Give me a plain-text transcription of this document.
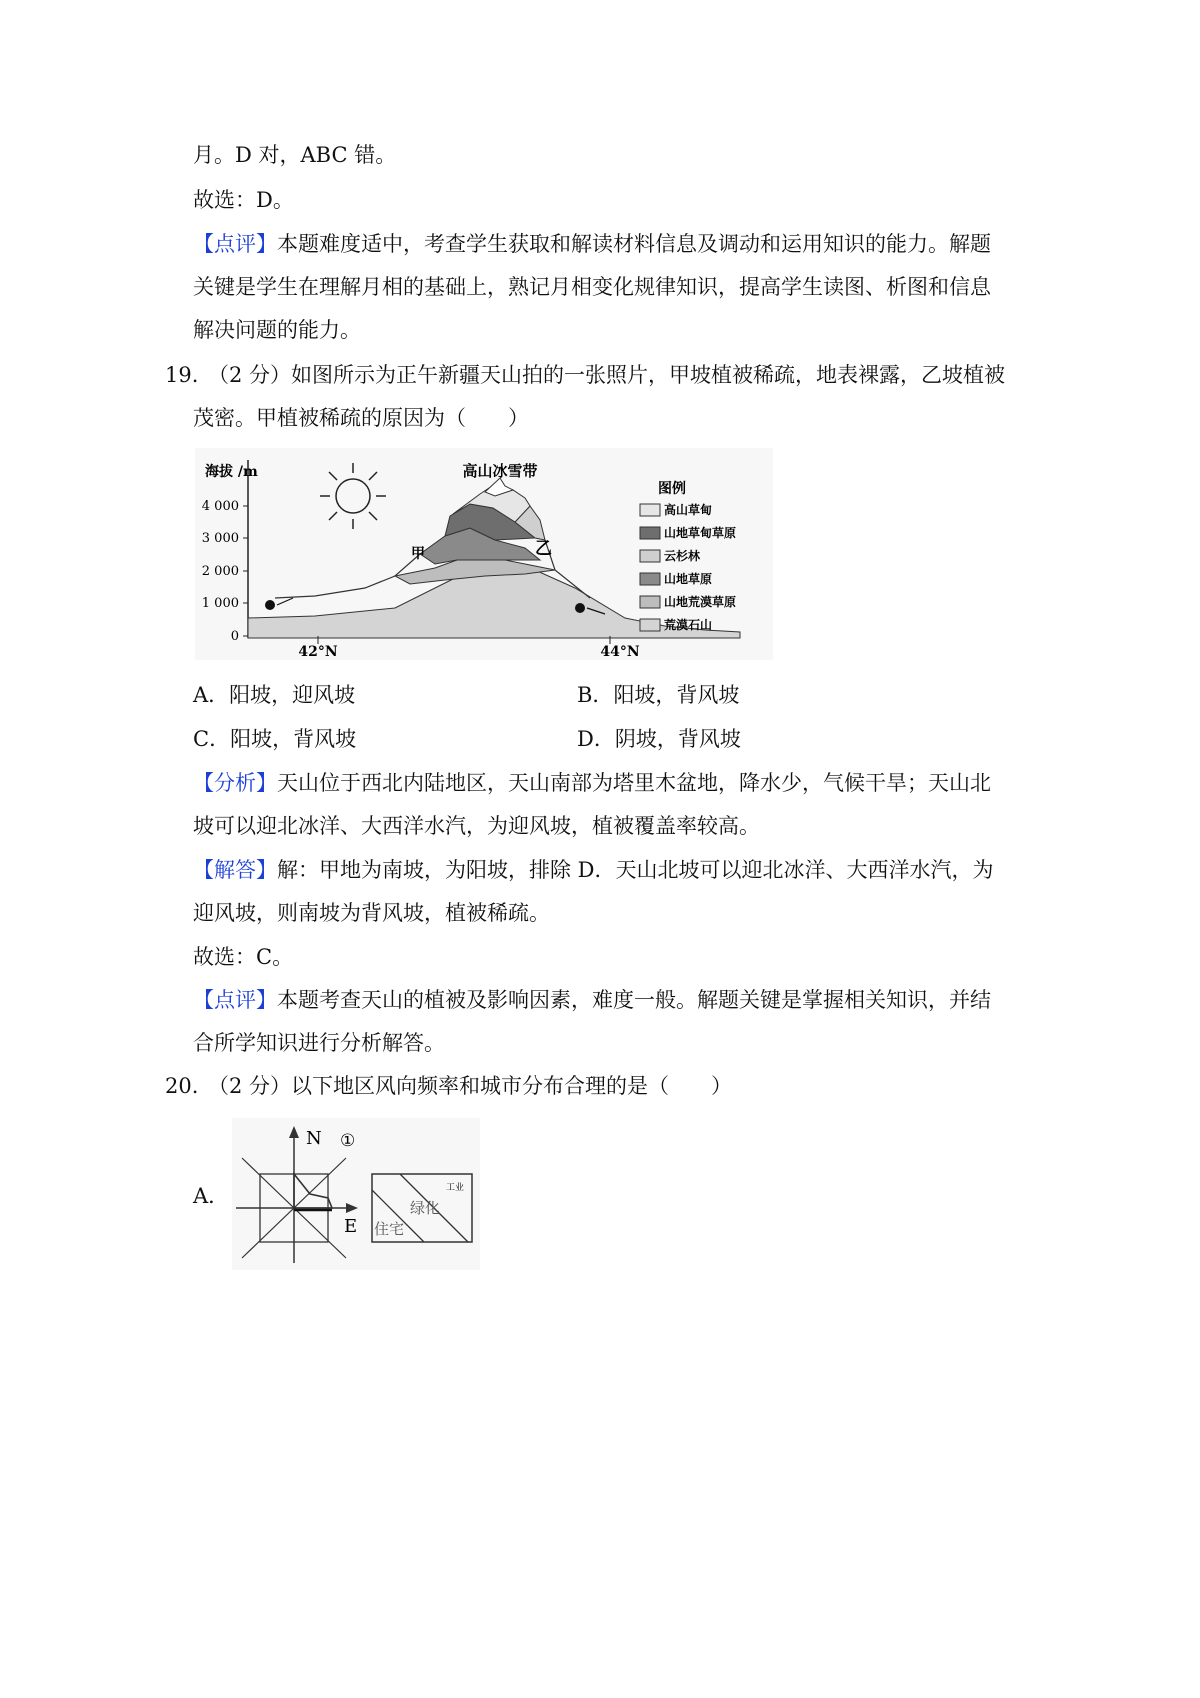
月。D 对，ABC 错。
故选：D。
【点评】本题难度适中，考查学生获取和解读材料信息及调动和运用知识的能力。解题
关键是学生在理解月相的基础上，熟记月相变化规律知识，提高学生读图、析图和信息
解决问题的能力。
19. （2 分）如图所示为正午新疆天山拍的一张照片，甲坡植被稀疏，地表裸露，乙坡植被
茂密。甲植被稀疏的原因为（　　）
海拔 /m
4 000
3 000
2 000
1 000
0
42°N	44°N
高山冰雪带
甲	乙
图例
高山草甸
山地草甸草原
云杉林
山地草原
山地荒漠草原
荒漠石山
A．阳坡，迎风坡	B．阳坡，背风坡
C．阳坡，背风坡	D．阴坡，背风坡
【分析】天山位于西北内陆地区，天山南部为塔里木盆地，降水少，气候干旱；天山北
坡可以迎北冰洋、大西洋水汽，为迎风坡，植被覆盖率较高。
【解答】解：甲地为南坡，为阳坡，排除 D．天山北坡可以迎北冰洋、大西洋水汽，为
迎风坡，则南坡为背风坡，植被稀疏。
故选：C。
【点评】本题考查天山的植被及影响因素，难度一般。解题关键是掌握相关知识，并结
合所学知识进行分析解答。
20. （2 分）以下地区风向频率和城市分布合理的是（　　）
A．
N
E
①
工业
绿化
住宅
